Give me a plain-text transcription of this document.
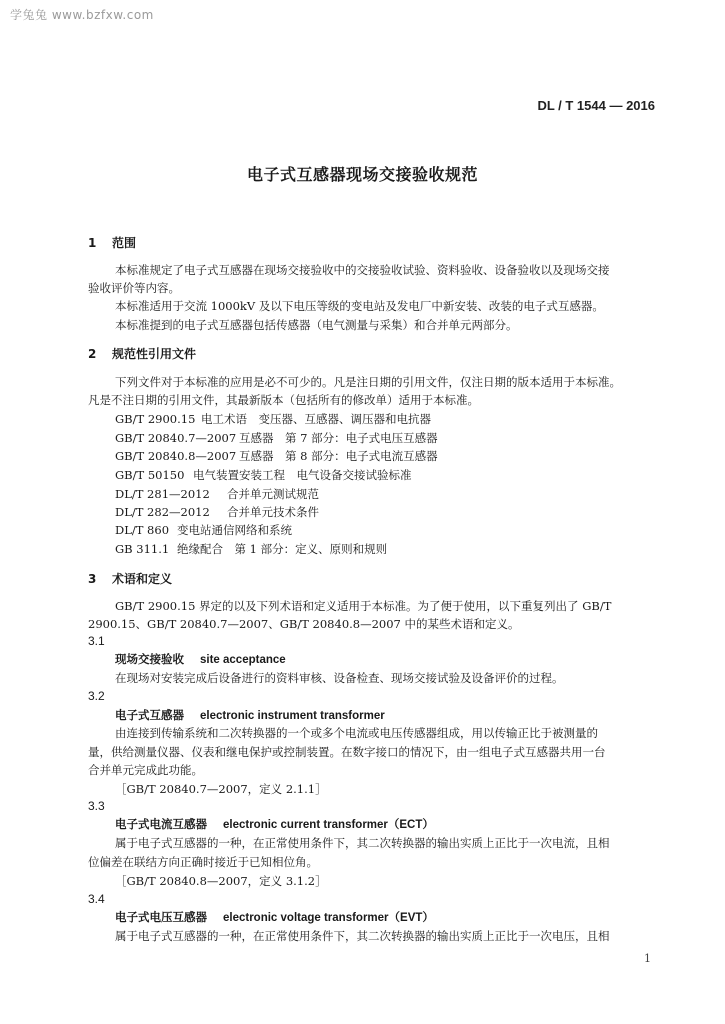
学兔兔 www.bzfxw.com
DL / T 1544 — 2016
电子式互感器现场交接验收规范
1 范围
本标准规定了电子式互感器在现场交接验收中的交接验收试验、资料验收、设备验收以及现场交接
验收评价等内容。
本标准适用于交流 1000kV 及以下电压等级的变电站及发电厂中新安装、改装的电子式互感器。
本标准提到的电子式互感器包括传感器（电气测量与采集）和合并单元两部分。
2 规范性引用文件
下列文件对于本标准的应用是必不可少的。凡是注日期的引用文件，仅注日期的版本适用于本标准。
凡是不注日期的引用文件，其最新版本（包括所有的修改单）适用于本标准。
GB/T 2900.15 电工术语　变压器、互感器、调压器和电抗器
GB/T 20840.7—2007 互感器　第 7 部分：电子式电压互感器
GB/T 20840.8—2007 互感器　第 8 部分：电子式电流互感器
GB/T 50150 电气装置安装工程　电气设备交接试验标准
DL/T 281—2012 合并单元测试规范
DL/T 282—2012 合并单元技术条件
DL/T 860 变电站通信网络和系统
GB 311.1 绝缘配合　第 1 部分：定义、原则和规则
3 术语和定义
GB/T 2900.15 界定的以及下列术语和定义适用于本标准。为了便于使用，以下重复列出了 GB/T
2900.15、GB/T 20840.7—2007、GB/T 20840.8—2007 中的某些术语和定义。
3.1
现场交接验收 site acceptance
在现场对安装完成后设备进行的资料审核、设备检查、现场交接试验及设备评价的过程。
3.2
电子式互感器 electronic instrument transformer
由连接到传输系统和二次转换器的一个或多个电流或电压传感器组成，用以传输正比于被测量的
量，供给测量仪器、仪表和继电保护或控制装置。在数字接口的情况下，由一组电子式互感器共用一台
合并单元完成此功能。
［GB/T 20840.7—2007，定义 2.1.1］
3.3
电子式电流互感器 electronic current transformer（ECT）
属于电子式互感器的一种，在正常使用条件下，其二次转换器的输出实质上正比于一次电流，且相
位偏差在联结方向正确时接近于已知相位角。
［GB/T 20840.8—2007，定义 3.1.2］
3.4
电子式电压互感器 electronic voltage transformer（EVT）
属于电子式互感器的一种，在正常使用条件下，其二次转换器的输出实质上正比于一次电压，且相
1
